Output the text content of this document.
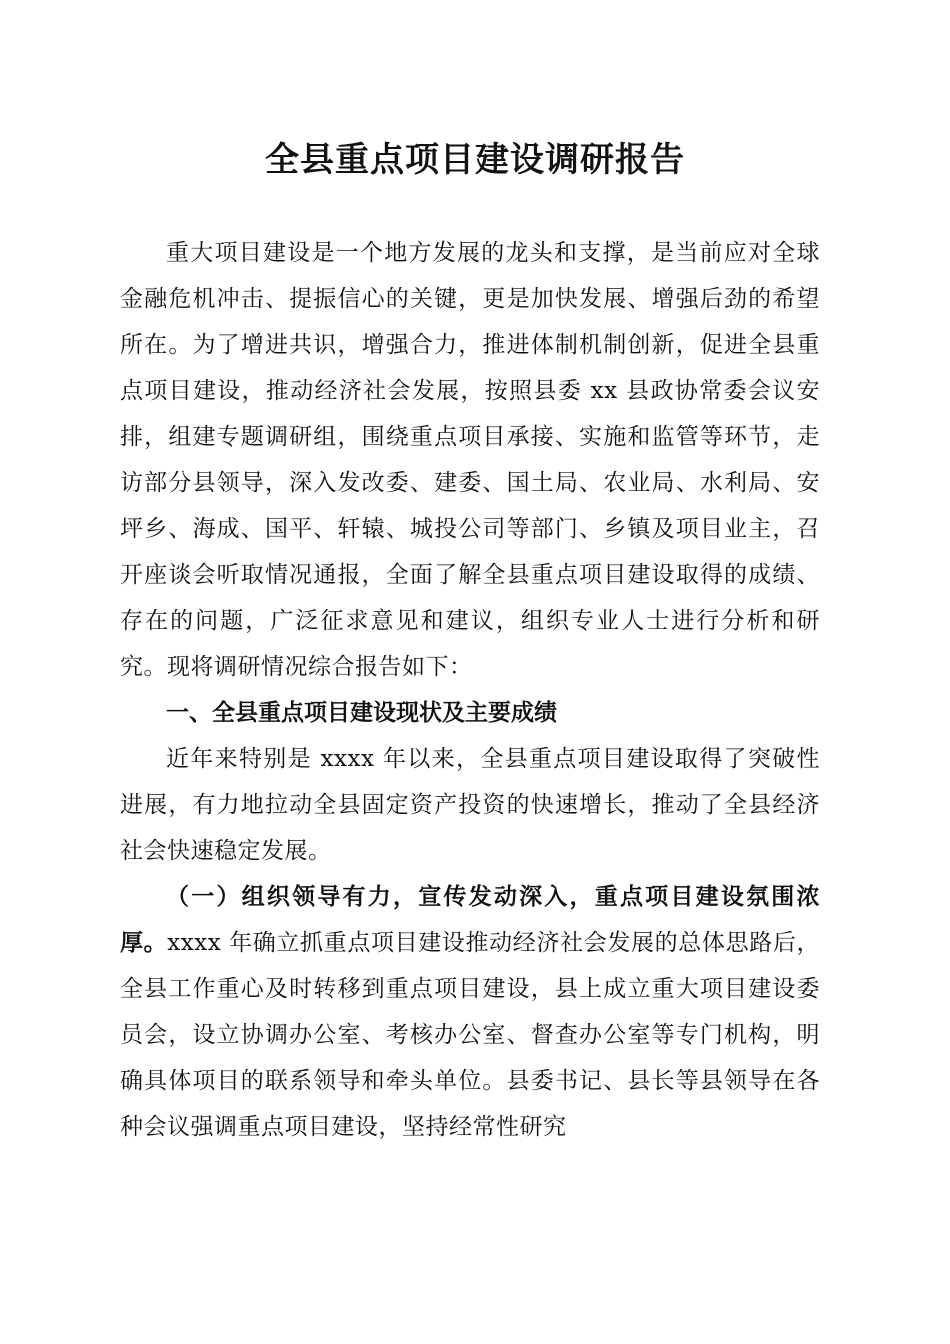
全县重点项目建设调研报告

重大项目建设是一个地方发展的龙头和支撑，是当前应对全球金融危机冲击、提振信心的关键，更是加快发展、增强后劲的希望所在。为了增进共识，增强合力，推进体制机制创新，促进全县重点项目建设，推动经济社会发展，按照县委 xx 县政协常委会议安排，组建专题调研组，围绕重点项目承接、实施和监管等环节，走访部分县领导，深入发改委、建委、国土局、农业局、水利局、安坪乡、海成、国平、轩辕、城投公司等部门、乡镇及项目业主，召开座谈会听取情况通报，全面了解全县重点项目建设取得的成绩、存在的问题，广泛征求意见和建议，组织专业人士进行分析和研究。现将调研情况综合报告如下：

一、全县重点项目建设现状及主要成绩

近年来特别是 xxxx 年以来，全县重点项目建设取得了突破性进展，有力地拉动全县固定资产投资的快速增长，推动了全县经济社会快速稳定发展。

（一）组织领导有力，宣传发动深入，重点项目建设氛围浓厚。xxxx 年确立抓重点项目建设推动经济社会发展的总体思路后，全县工作重心及时转移到重点项目建设，县上成立重大项目建设委员会，设立协调办公室、考核办公室、督查办公室等专门机构，明确具体项目的联系领导和牵头单位。县委书记、县长等县领导在各种会议强调重点项目建设，坚持经常性研究
